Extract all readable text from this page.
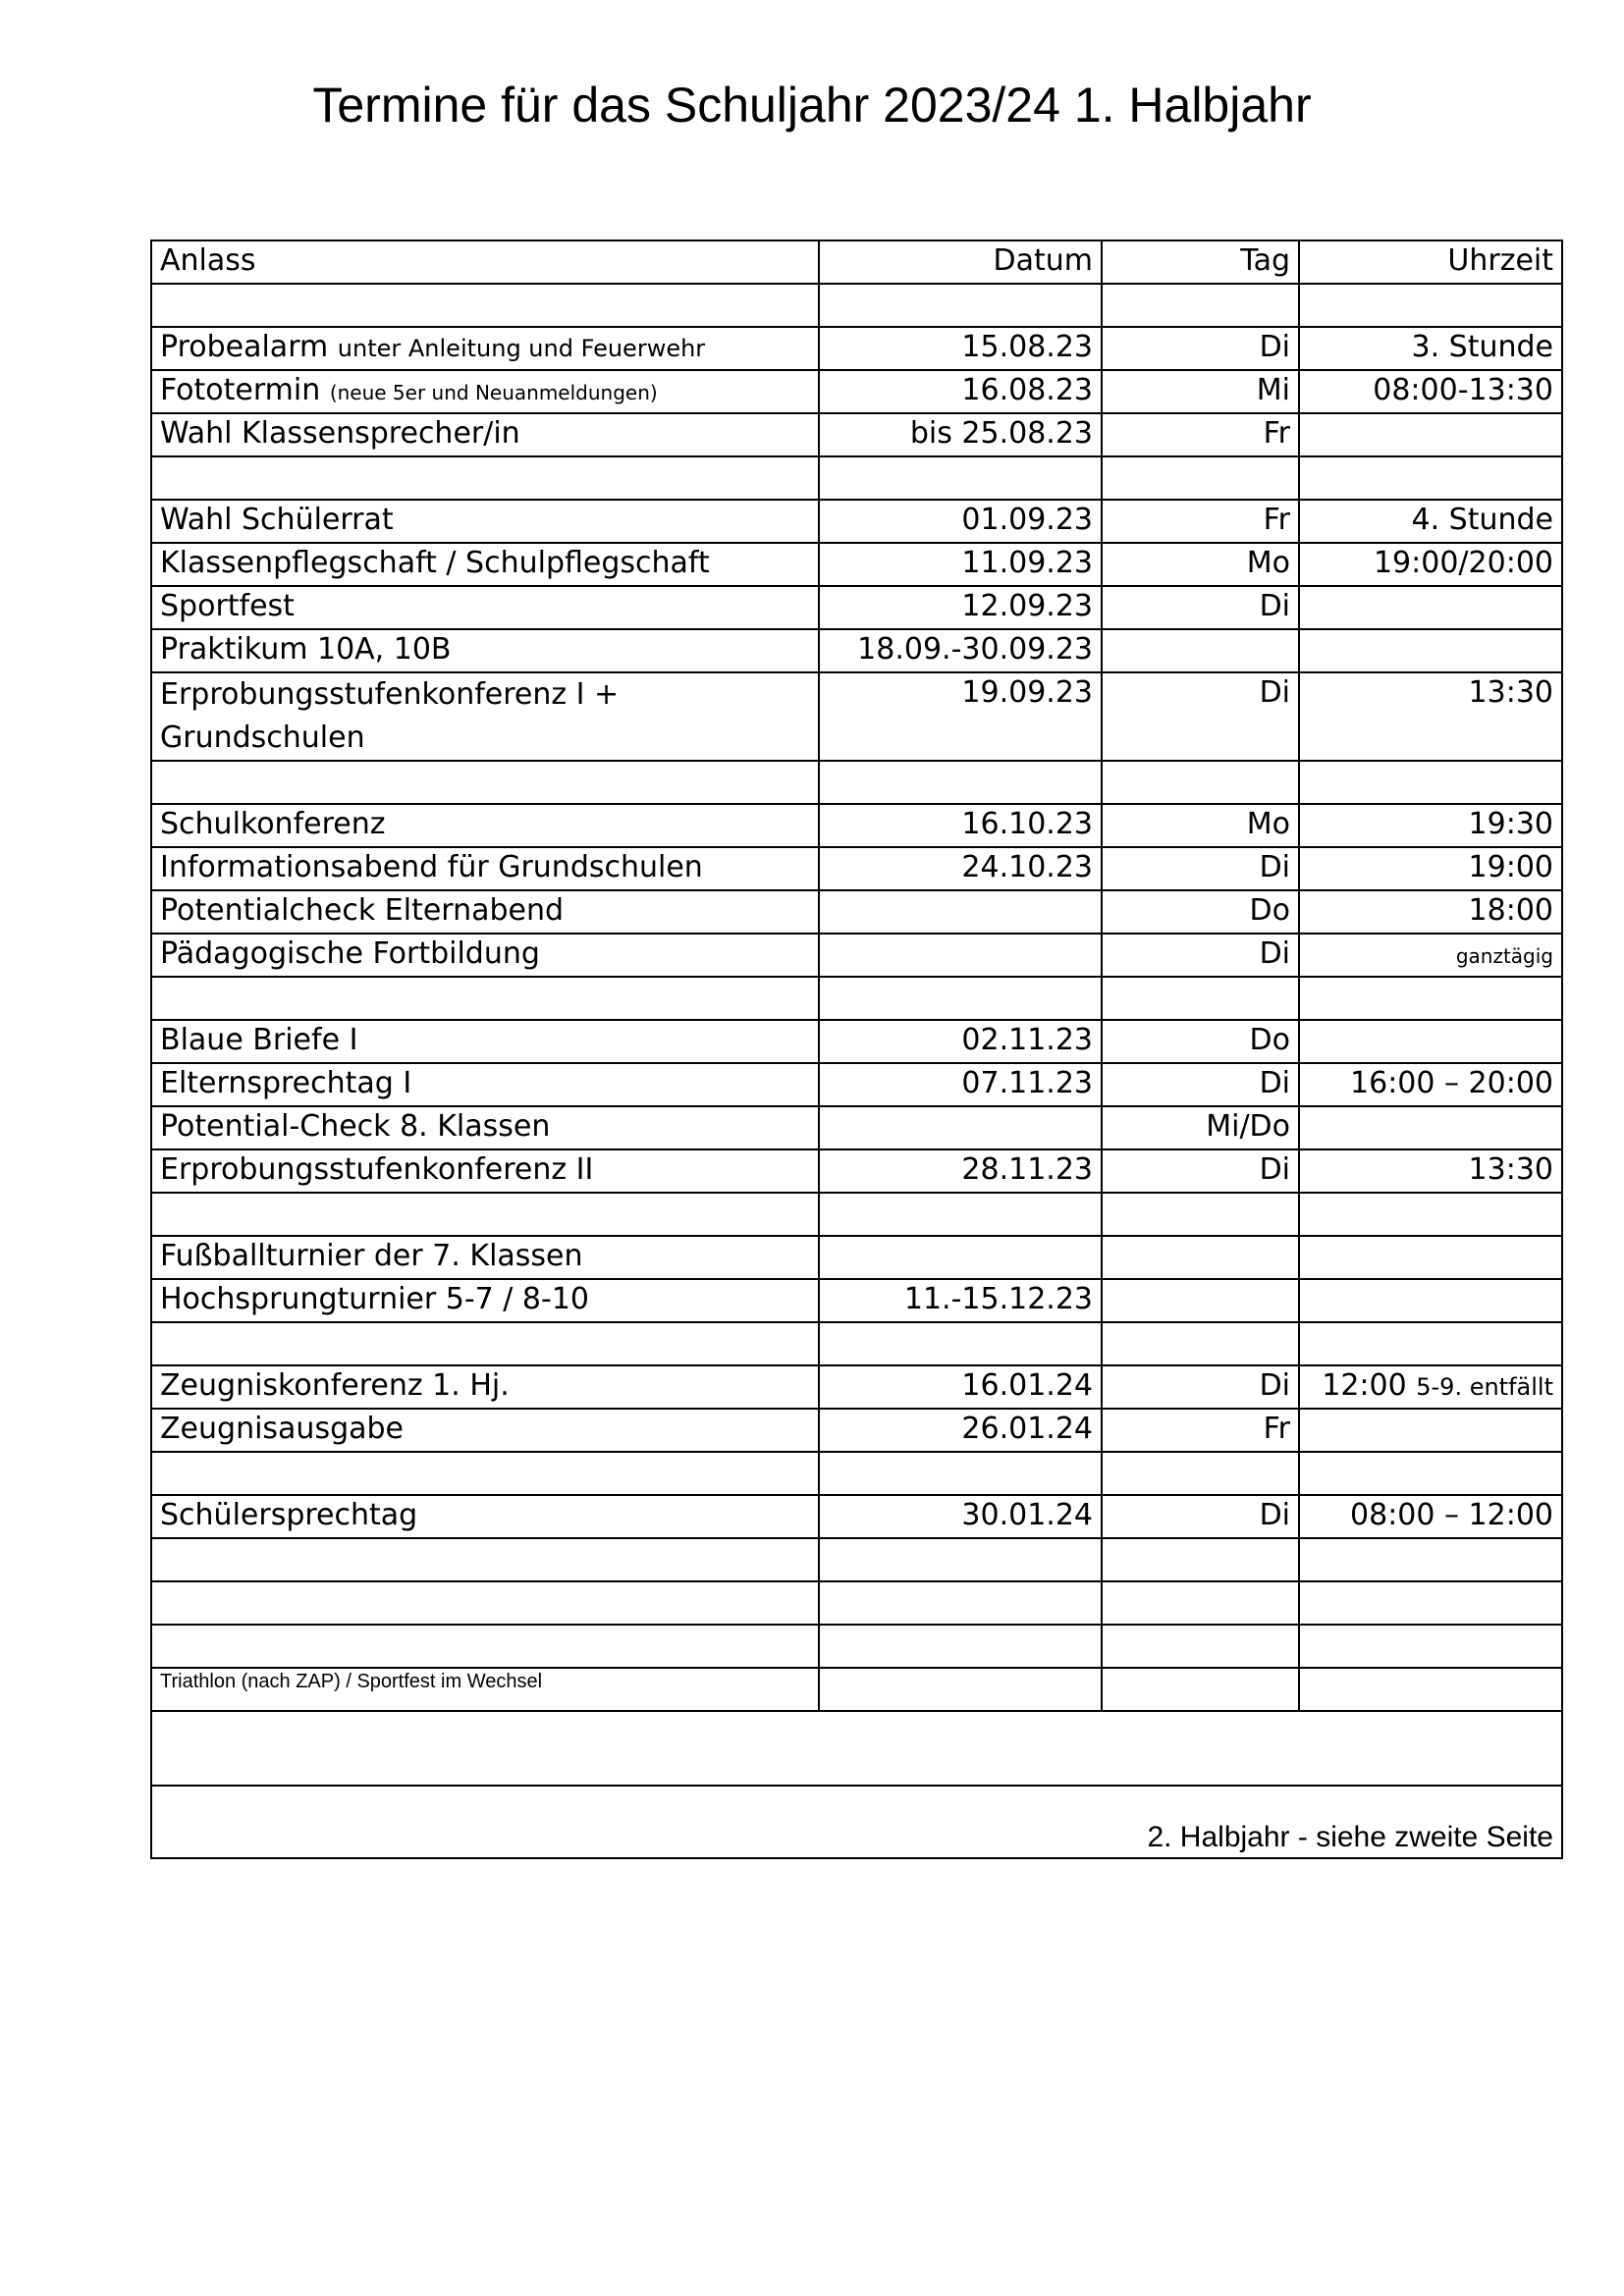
Termine für das Schuljahr 2023/24 1. Halbjahr
Anlass	Datum	Tag	Uhrzeit

Probealarm unter Anleitung und Feuerwehr	15.08.23	Di	3. Stunde
Fototermin (neue 5er und Neuanmeldungen)	16.08.23	Mi	08:00-13:30
Wahl Klassensprecher/in	bis 25.08.23	Fr	

Wahl Schülerrat	01.09.23	Fr	4. Stunde
Klassenpflegschaft / Schulpflegschaft	11.09.23	Mo	19:00/20:00
Sportfest	12.09.23	Di	
Praktikum 10A, 10B	18.09.-30.09.23		
Erprobungsstufenkonferenz I + Grundschulen	19.09.23	Di	13:30

Schulkonferenz	16.10.23	Mo	19:30
Informationsabend für Grundschulen	24.10.23	Di	19:00
Potentialcheck Elternabend		Do	18:00
Pädagogische Fortbildung		Di	ganztägig

Blaue Briefe I	02.11.23	Do	
Elternsprechtag I	07.11.23	Di	16:00 – 20:00
Potential-Check 8. Klassen		Mi/Do	
Erprobungsstufenkonferenz II	28.11.23	Di	13:30

Fußballturnier der 7. Klassen			
Hochsprungturnier 5-7 / 8-10	11.-15.12.23		

Zeugniskonferenz 1. Hj.	16.01.24	Di	12:00 5-9. entfällt
Zeugnisausgabe	26.01.24	Fr	

Schülersprechtag	30.01.24	Di	08:00 – 12:00

Triathlon (nach ZAP) / Sportfest im Wechsel			

2. Halbjahr - siehe zweite Seite			
